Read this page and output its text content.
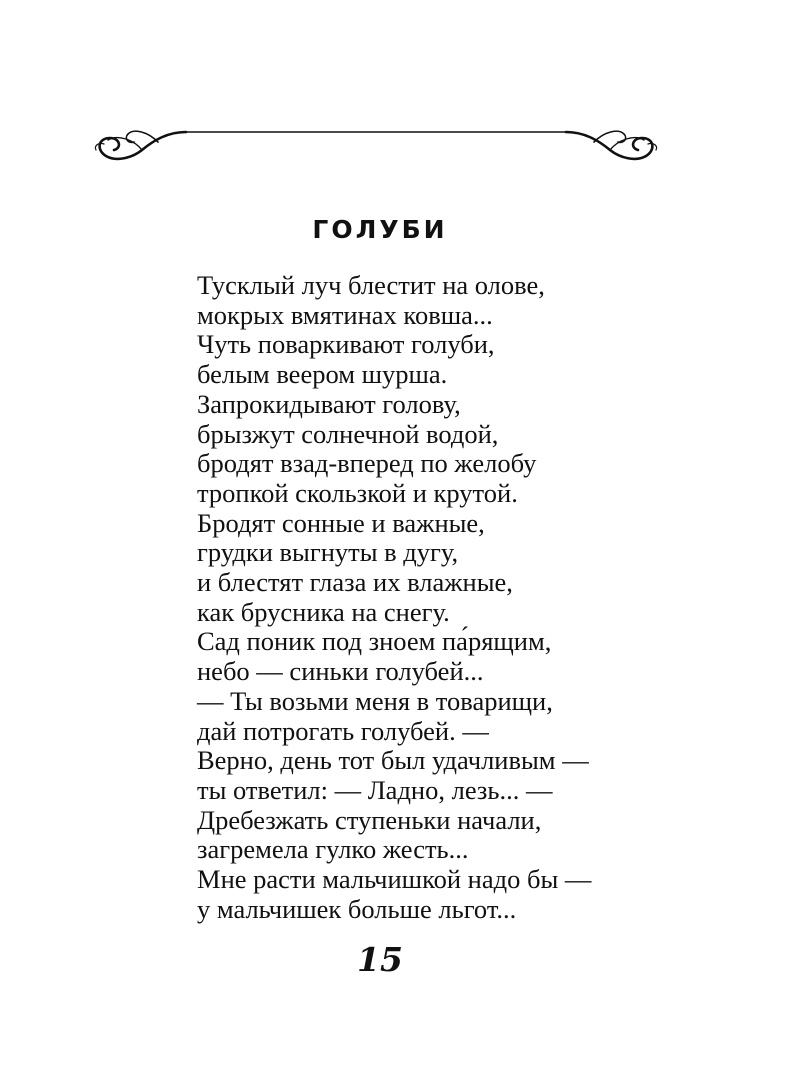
ГОЛУБИ
Тусклый луч блестит на олове,
мокрых вмятинах ковша...
Чуть поваркивают голуби,
белым веером шурша.
Запрокидывают голову,
брызжут солнечной водой,
бродят взад-вперед по желобу
тропкой скользкой и крутой.
Бродят сонные и важные,
грудки выгнуты в дугу,
и блестят глаза их влажные,
как брусника на снегу.
Сад поник под зноем па́рящим,
небо — синьки голубей...
— Ты возьми меня в товарищи,
дай потрогать голубей. —
Верно, день тот был удачливым —
ты ответил: — Ладно, лезь... —
Дребезжать ступеньки начали,
загремела гулко жесть...
Мне расти мальчишкой надо бы —
у мальчишек больше льгот...
15
